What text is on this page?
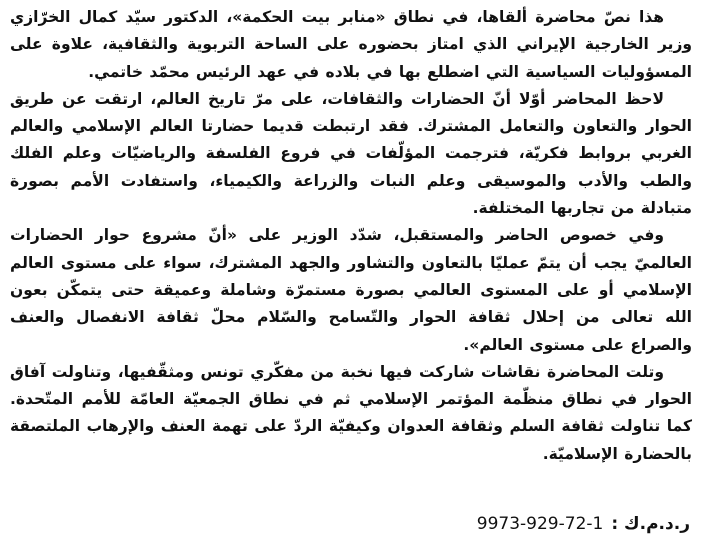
هذا نصّ محاضرة ألقاها، في نطاق «منابر بيت الحكمة»، الدكتور سيّد كمال الخرّازي وزير الخارجية الإيراني الذي امتاز بحضوره على الساحة التربوية والثقافية، علاوة على المسؤوليات السياسية التي اضطلع بها في بلاده في عهد الرئيس محمّد خاتمي.

لاحظ المحاضر أوّلا أنّ الحضارات والثقافات، على مرّ تاريخ العالم، ارتقت عن طريق الحوار والتعاون والتعامل المشترك. فقد ارتبطت قديما حضارتا العالم الإسلامي والعالم الغربي بروابط فكريّة، فترجمت المؤلّفات في فروع الفلسفة والرياضيّات وعلم الفلك والطب والأدب والموسيقى وعلم النبات والزراعة والكيمياء، واستفادت الأمم بصورة متبادلة من تجاربها المختلفة.

وفي خصوص الحاضر والمستقبل، شدّد الوزير على «أنّ مشروع حوار الحضارات العالميّ يجب أن يتمّ عمليّا بالتعاون والتشاور والجهد المشترك، سواء على مستوى العالم الإسلامي أو على المستوى العالمي بصورة مستمرّة وشاملة وعميقة حتى يتمكّن بعون الله تعالى من إحلال ثقافة الحوار والتّسامح والسّلام محلّ ثقافة الانفصال والعنف والصراع على مستوى العالم».

وتلت المحاضرة نقاشات شاركت فيها نخبة من مفكّري تونس ومثقّفيها، وتناولت آفاق الحوار في نطاق منظّمة المؤتمر الإسلامي ثم في نطاق الجمعيّة العامّة للأمم المتّحدة. كما تناولت ثقافة السلم وثقافة العدوان وكيفيّة الردّ على تهمة العنف والإرهاب الملتصقة بالحضارة الإسلاميّة.

ر.د.م.ك :9973-929-72-1
